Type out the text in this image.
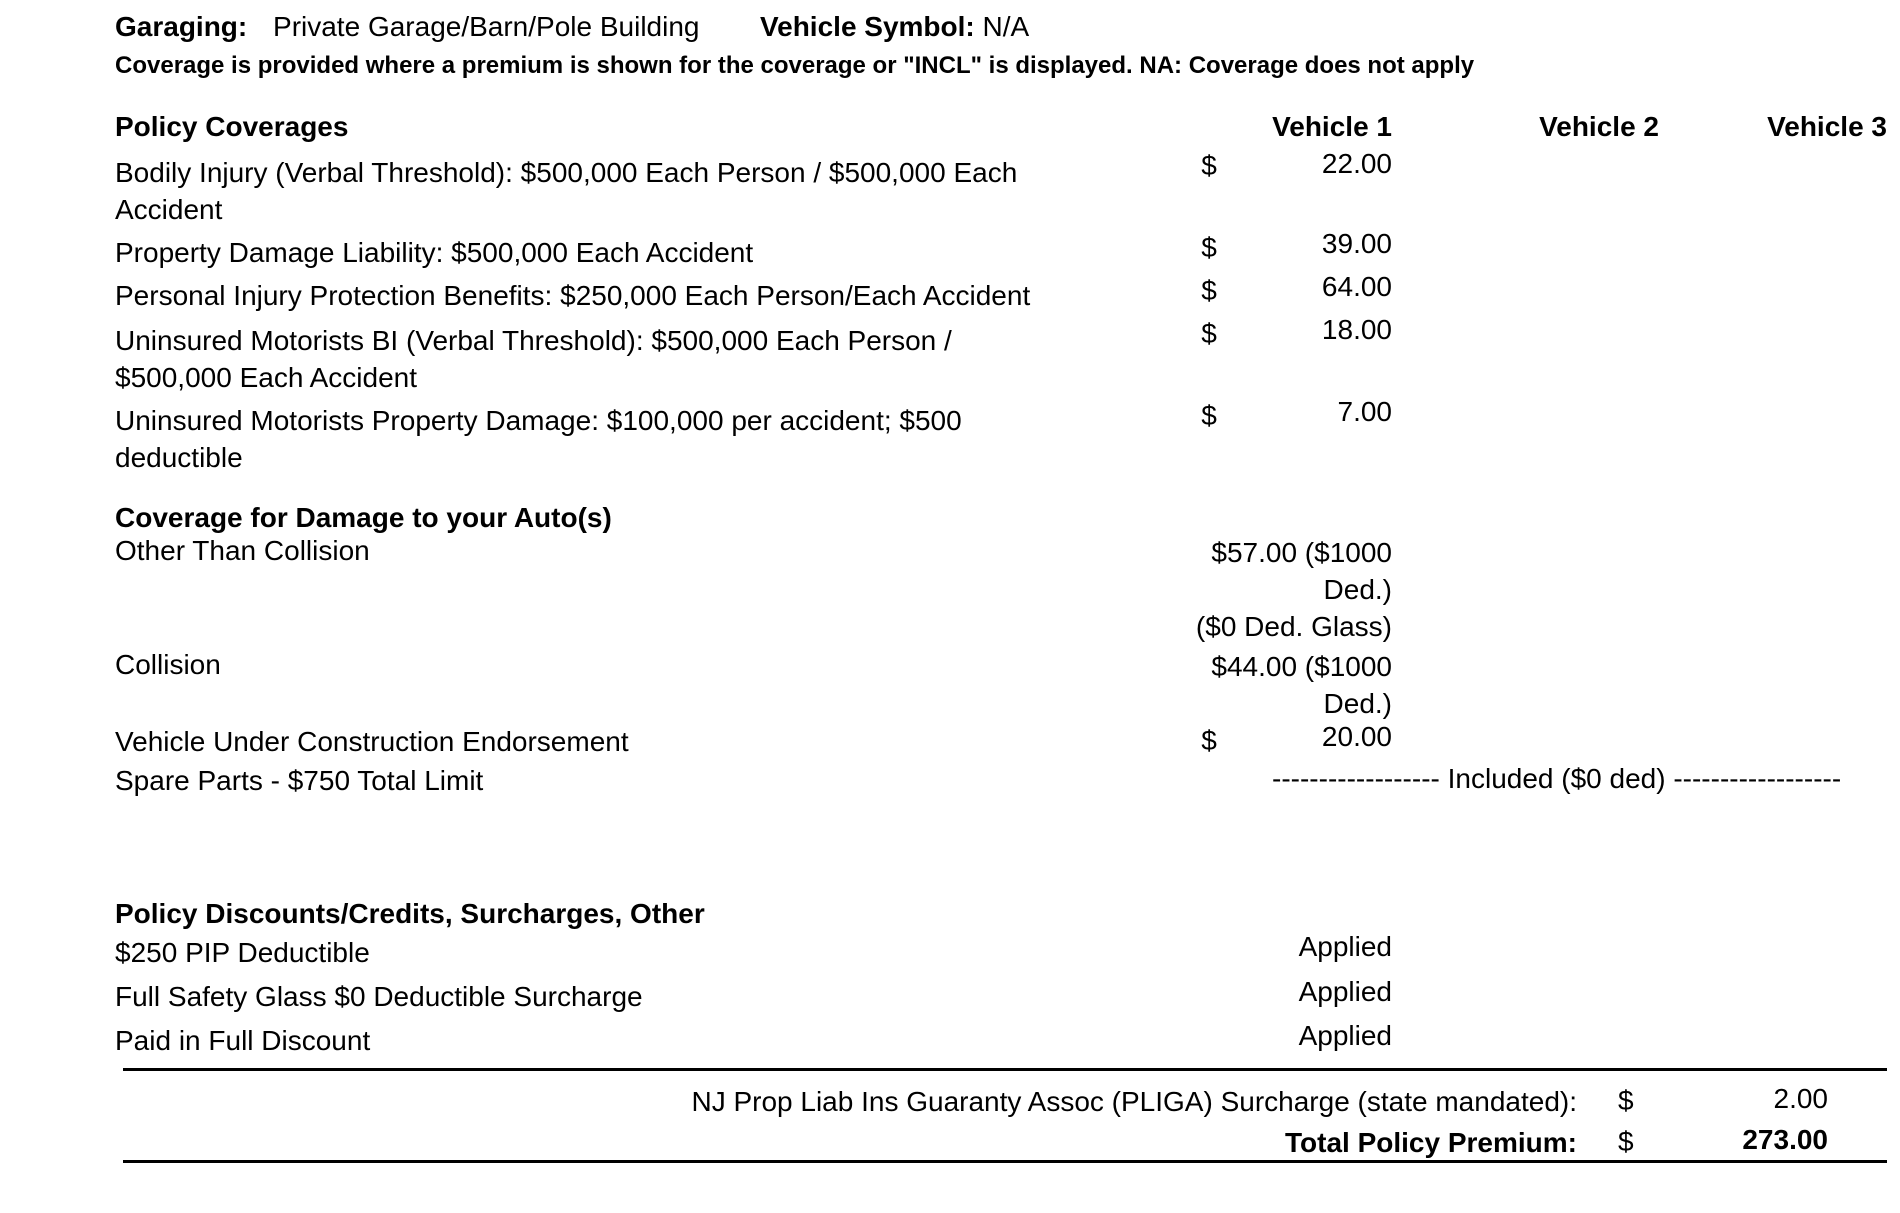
Garaging: Private Garage/Barn/Pole Building Vehicle Symbol: N/A
Coverage is provided where a premium is shown for the coverage or "INCL" is displayed. NA: Coverage does not apply
Policy Coverages	Vehicle 1	Vehicle 2	Vehicle 3
Bodily Injury (Verbal Threshold): $500,000 Each Person / $500,000 Each
Accident
$	22.00
Property Damage Liability: $500,000 Each Accident	$	39.00
Personal Injury Protection Benefits: $250,000 Each Person/Each Accident	$	64.00
Uninsured Motorists BI (Verbal Threshold): $500,000 Each Person /
$500,000 Each Accident
$	18.00
Uninsured Motorists Property Damage: $100,000 per accident; $500
deductible
$	7.00
Coverage for Damage to your Auto(s)
Other Than Collision	$57.00 ($1000
Ded.)
($0 Ded. Glass)
Collision	$44.00 ($1000
Ded.)
Vehicle Under Construction Endorsement	$	20.00
Spare Parts - $750 Total Limit	------------------ Included ($0 ded) ------------------
Policy Discounts/Credits, Surcharges, Other
$250 PIP Deductible	Applied
Full Safety Glass $0 Deductible Surcharge	Applied
Paid in Full Discount	Applied
NJ Prop Liab Ins Guaranty Assoc (PLIGA) Surcharge (state mandated): $	2.00
Total Policy Premium: $	273.00
